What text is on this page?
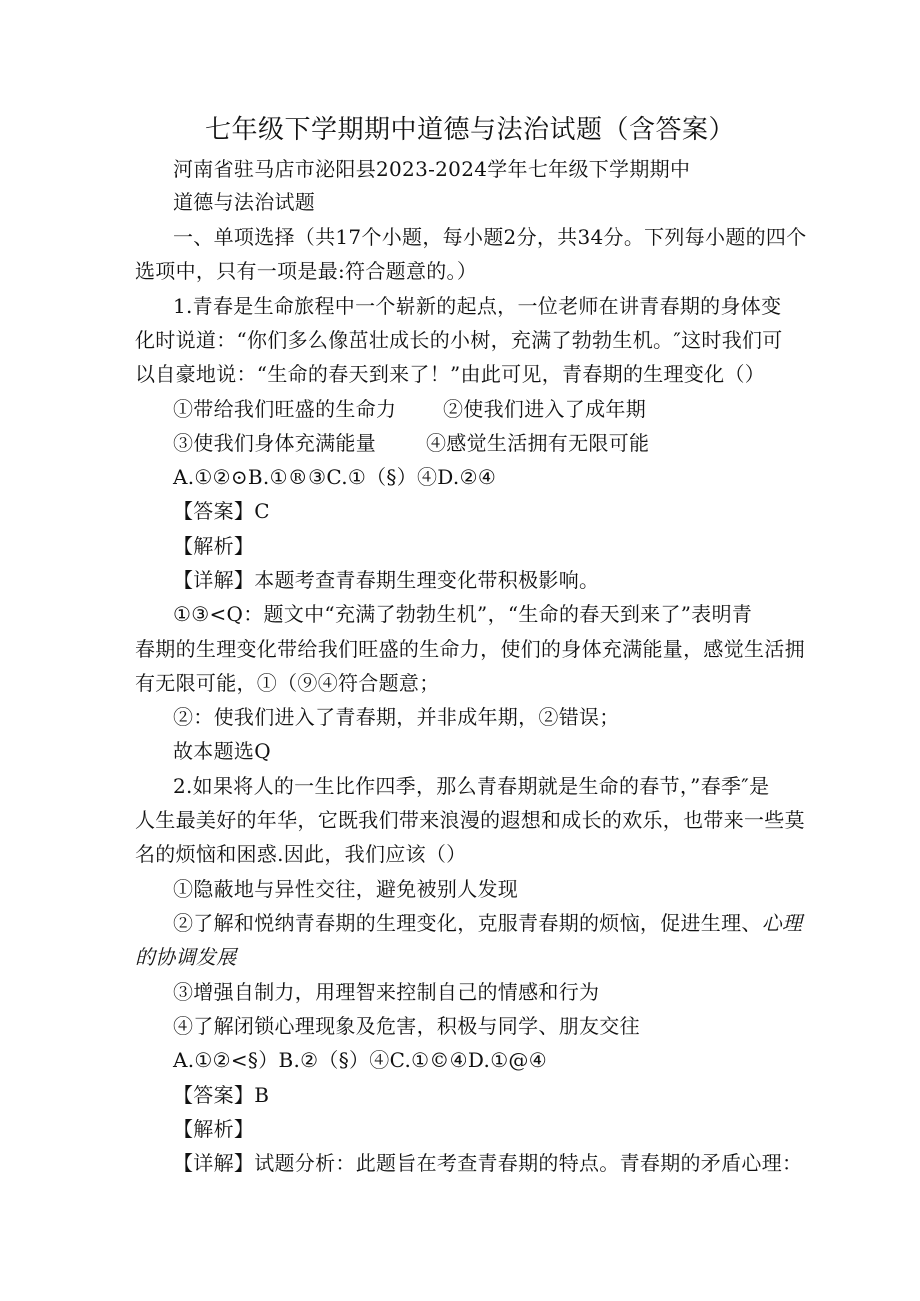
七年级下学期期中道德与法治试题（含答案）
河南省驻马店市泌阳县2023-2024学年七年级下学期期中
道德与法治试题
一、单项选择（共17个小题，每小题2分，共34分。下列每小题的四个
选项中，只有一项是最:符合题意的。）
1.青春是生命旅程中一个崭新的起点，一位老师在讲青春期的身体变
化时说道：“你们多么像茁壮成长的小树，充满了勃勃生机。″这时我们可
以自豪地说：“生命的春天到来了！”由此可见，青春期的生理变化（）
①带给我们旺盛的生命力 ②使我们进入了成年期
③使我们身体充满能量	④感觉生活拥有无限可能
A.①②⊙B.①®③C.①（§）④D.②④
【答案】C
【解析】
【详解】本题考查青春期生理变化带积极影响。
①③<Q：题文中“充满了勃勃生机”，“生命的春天到来了”表明青
春期的生理变化带给我们旺盛的生命力，使们的身体充满能量，感觉生活拥
有无限可能，①（⑨④符合题意；
②：使我们进入了青春期，并非成年期，②错误；
故本题选Q
2.如果将人的一生比作四季，那么青春期就是生命的春节，”春季″是
人生最美好的年华，它既我们带来浪漫的遐想和成长的欢乐，也带来一些莫
名的烦恼和困惑.因此，我们应该（）
①隐蔽地与异性交往，避免被别人发现
②了解和悦纳青春期的生理变化，克服青春期的烦恼，促进生理、心理
的协调发展
③增强自制力，用理智来控制自己的情感和行为
④了解闭锁心理现象及危害，积极与同学、朋友交往
A.①②<§）B.②（§）④C.①©④D.①@④
【答案】B
【解析】
【详解】试题分析：此题旨在考查青春期的特点。青春期的矛盾心理：
